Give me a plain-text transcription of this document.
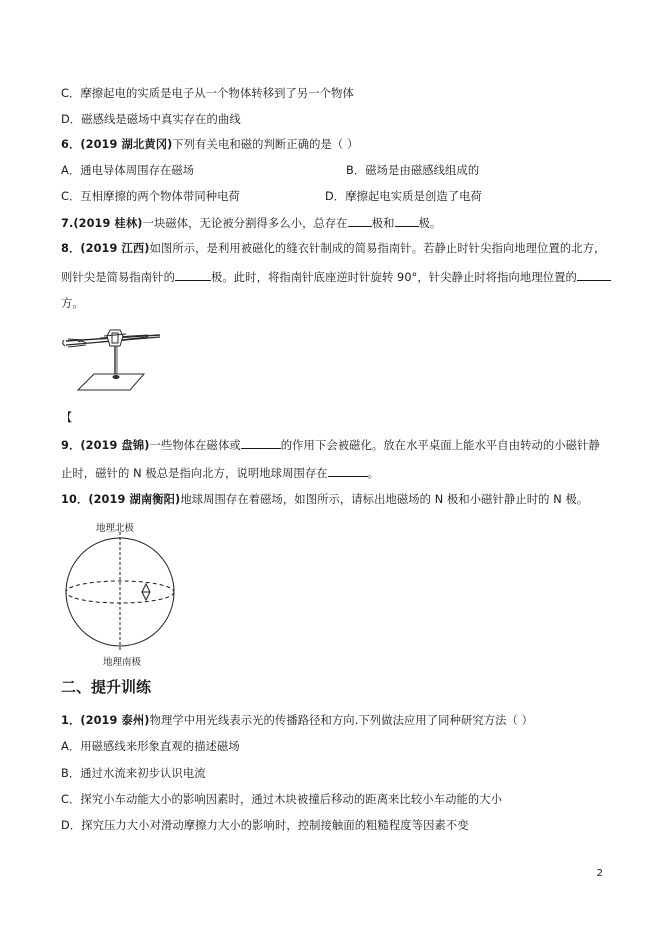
C．摩擦起电的实质是电子从一个物体转移到了另一个物体
D．磁感线是磁场中真实存在的曲线
6．(2019 湖北黄冈)下列有关电和磁的判断正确的是（ ）
A．通电导体周围存在磁场	B．磁场是由磁感线组成的
C．互相摩擦的两个物体带同种电荷	D．摩擦起电实质是创造了电荷
7.(2019 桂林)一块磁体，无论被分割得多么小，总存在 极和 极。
8．(2019 江西)如图所示，是利用被磁化的缝衣针制成的简易指南针。若静止时针尖指向地理位置的北方，
则针尖是简易指南针的	极。此时，将指南针底座逆时针旋转 90°，针尖静止时将指向地理位置的
方。
【
9．(2019 盘锦)一些物体在磁体或	的作用下会被磁化。放在水平桌面上能水平自由转动的小磁针静
止时，磁针的 N 极总是指向北方，说明地球周围存在	。
10．(2019 湖南衡阳)地球周围存在着磁场，如图所示，请标出地磁场的 N 极和小磁针静止时的 N 极。
地理北极
地理南极
二、提升训练
1．(2019 泰州)物理学中用光线表示光的传播路径和方向.下列做法应用了同种研究方法（ ）
A．用磁感线来形象直观的描述磁场
B．通过水流来初步认识电流
C．探究小车动能大小的影响因素时，通过木块被撞后移动的距离来比较小车动能的大小
D．探究压力大小对滑动摩擦力大小的影响时，控制接触面的粗糙程度等因素不变
2
